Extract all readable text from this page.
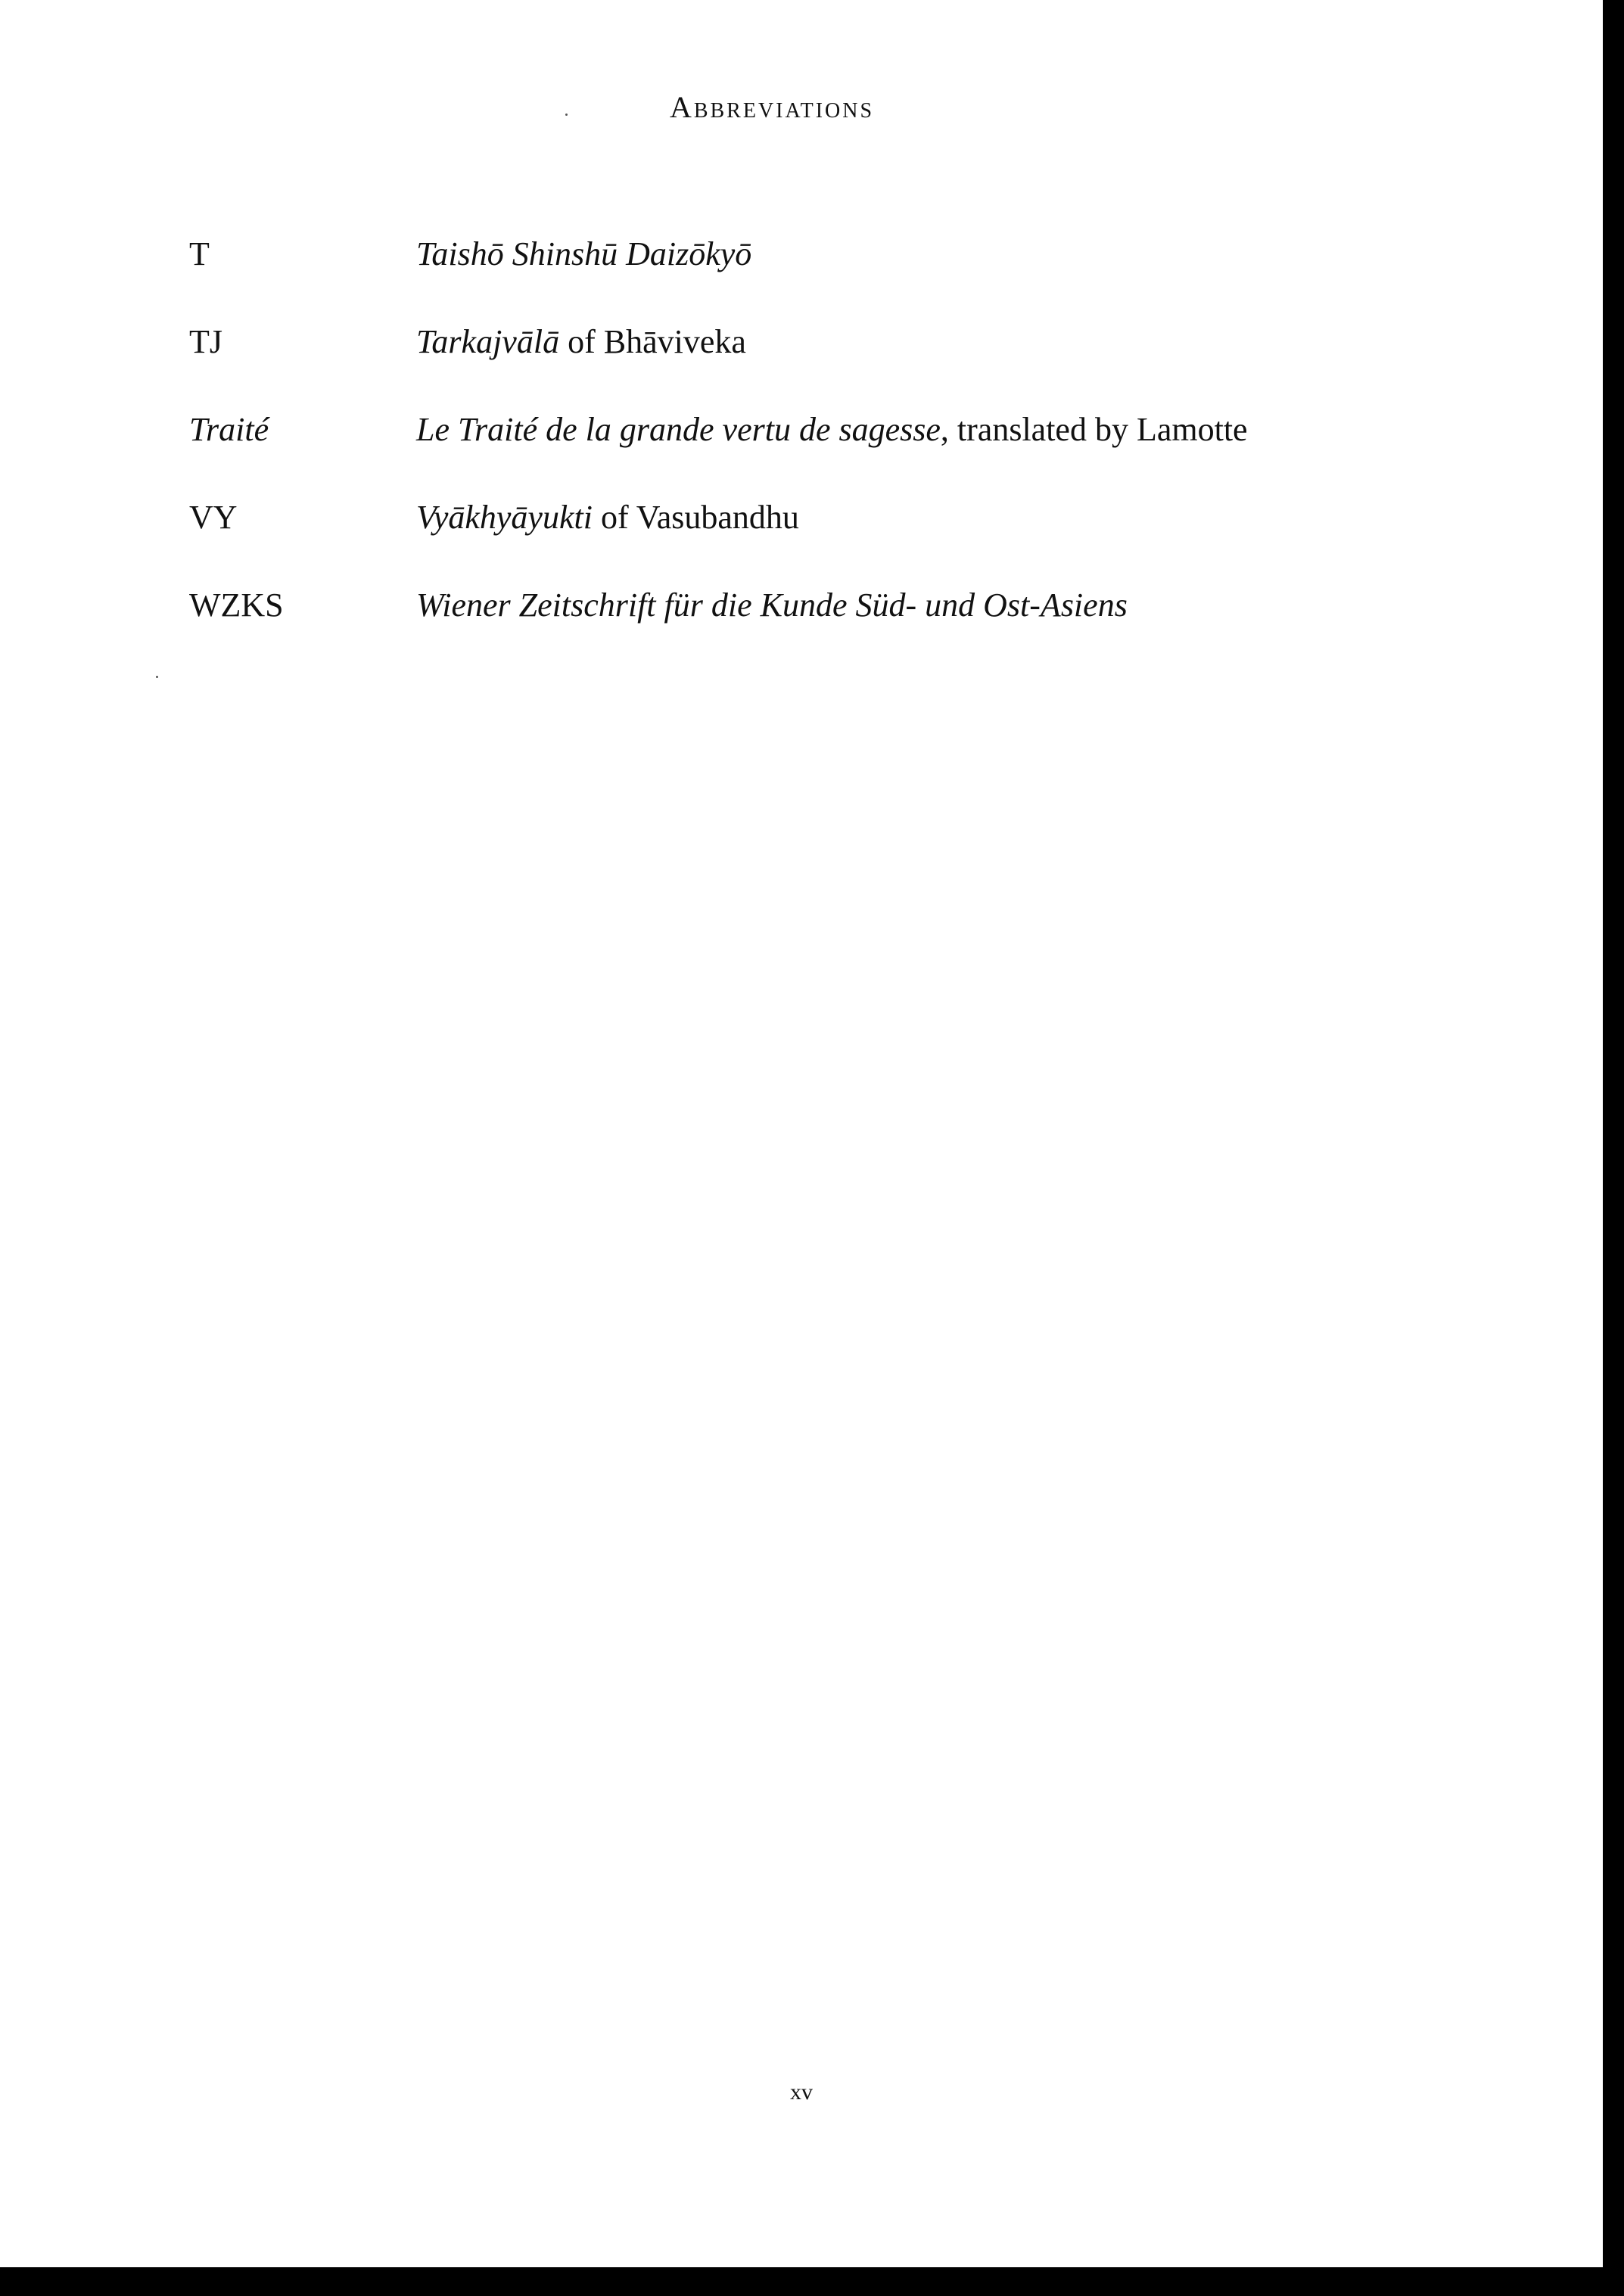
Abbreviations
T	Taishō Shinshū Daizōkyō
TJ	Tarkajvālā of Bhāviveka
Traité	Le Traité de la grande vertu de sagesse, translated by Lamotte
VY	Vyākhyāyukti of Vasubandhu
WZKS	Wiener Zeitschrift für die Kunde Süd- und Ost-Asiens
xv
